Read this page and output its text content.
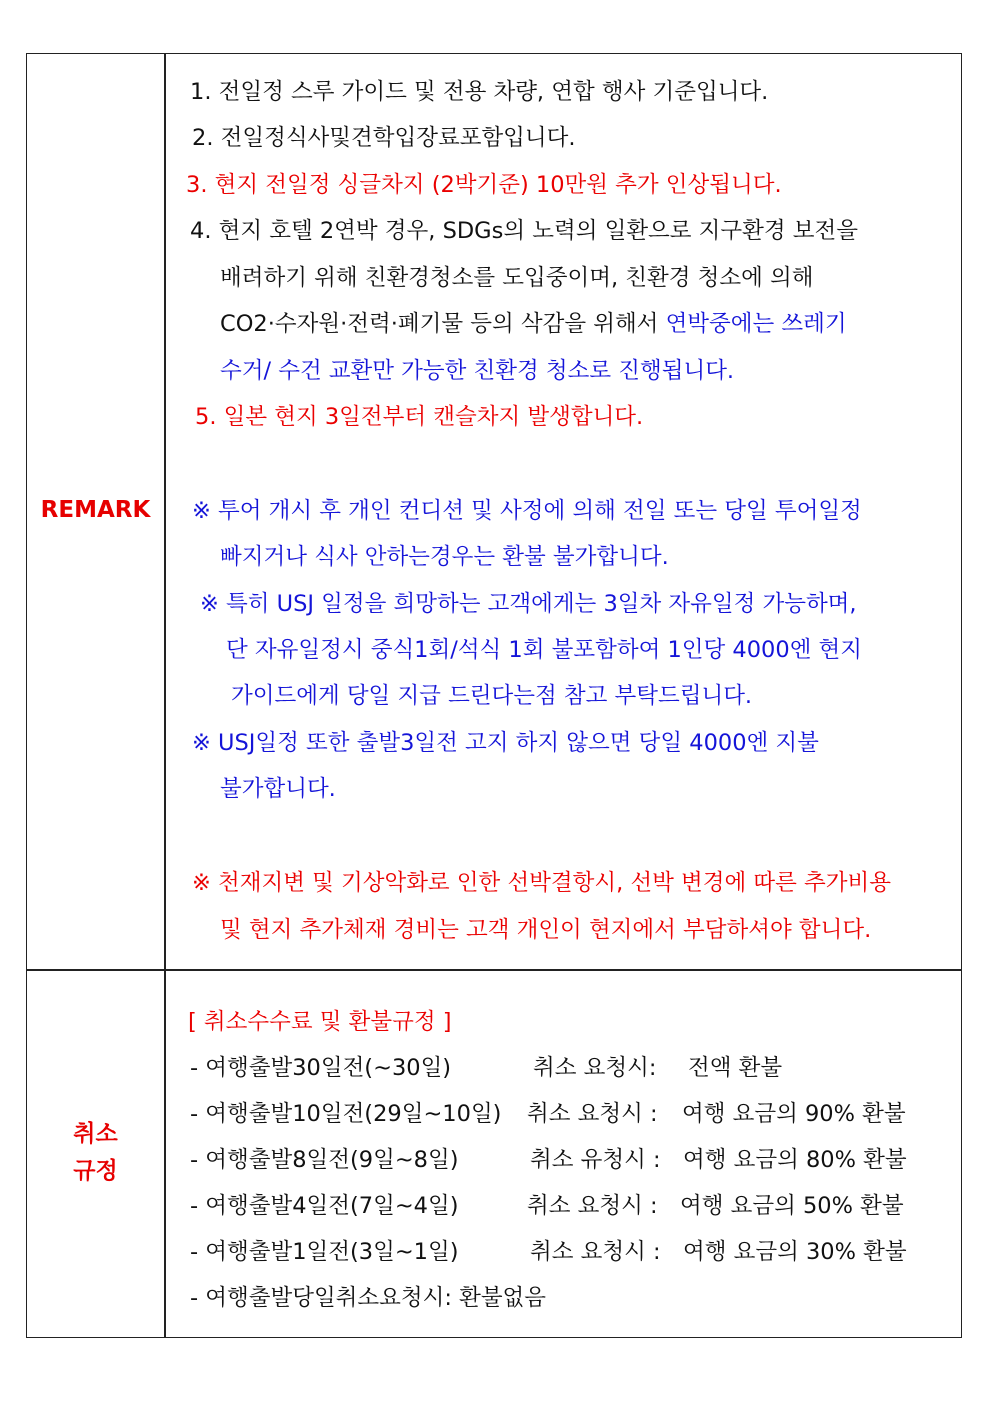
REMARK
1. 전일정 스루 가이드 및 전용 차량, 연합 행사 기준입니다.
2. 전일정식사및견학입장료포함입니다.
3. 현지 전일정 싱글차지 (2박기준) 10만원 추가 인상됩니다.
4. 현지 호텔 2연박 경우, SDGs의 노력의 일환으로 지구환경 보전을
배려하기 위해 친환경청소를 도입중이며, 친환경 청소에 의해
CO2·수자원·전력·폐기물 등의 삭감을 위해서 연박중에는 쓰레기
수거/ 수건 교환만 가능한 친환경 청소로 진행됩니다.
5. 일본 현지 3일전부터 캔슬차지 발생합니다.
※ 투어 개시 후 개인 컨디션 및 사정에 의해 전일 또는 당일 투어일정
빠지거나 식사 안하는경우는 환불 불가합니다.
※ 특히 USJ 일정을 희망하는 고객에게는 3일차 자유일정 가능하며,
단 자유일정시 중식1회/석식 1회 불포함하여 1인당 4000엔 현지
가이드에게 당일 지급 드린다는점 참고 부탁드립니다.
※ USJ일정 또한 출발3일전 고지 하지 않으면 당일 4000엔 지불
불가합니다.
※ 천재지변 및 기상악화로 인한 선박결항시, 선박 변경에 따른 추가비용
및 현지 추가체재 경비는 고객 개인이 현지에서 부담하셔야 합니다.
취소
규정
[ 취소수수료 및 환불규정 ]
- 여행출발30일전(~30일)	취소 요청시: 전액 환불
- 여행출발10일전(29일~10일) 취소 요청시 : 여행 요금의 90% 환불
- 여행출발8일전(9일~8일)	취소 유청시 : 여행 요금의 80% 환불
- 여행출발4일전(7일~4일)	취소 요청시 : 여행 요금의 50% 환불
- 여행출발1일전(3일~1일)	취소 요청시 : 여행 요금의 30% 환불
- 여행출발당일취소요청시: 환불없음
